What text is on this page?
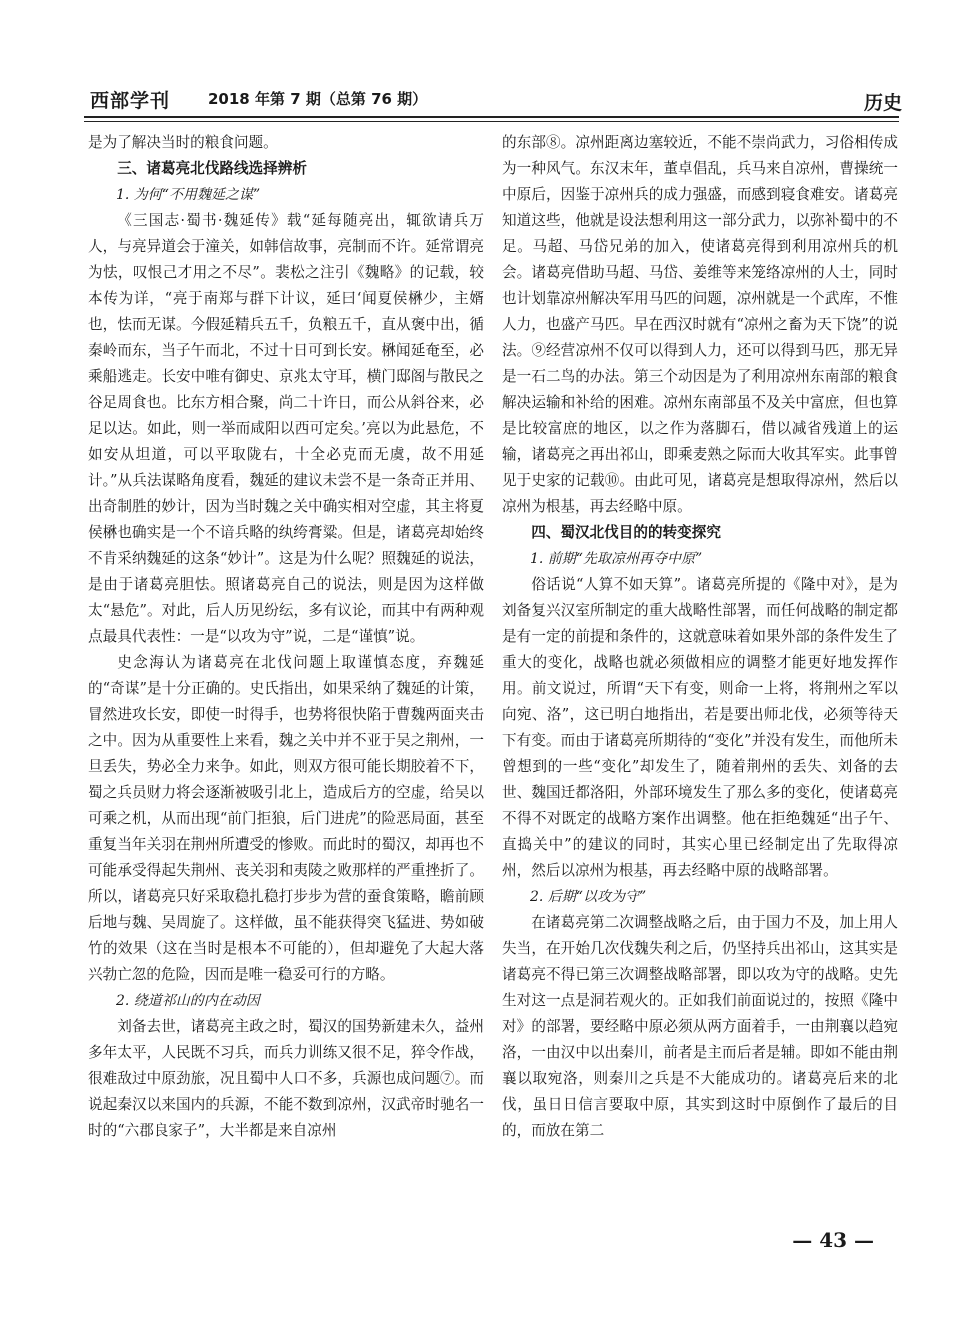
西部学刊	2018 年第 7 期（总第 76 期）	历史

是为了解决当时的粮食问题。

三、诸葛亮北伐路线选择辨析
1. 为何“不用魏延之谋”

《三国志·蜀书·魏延传》载“延每随亮出，辄欲请兵万人，与亮异道会于潼关，如韩信故事，亮制而不许。延常谓亮为怯，叹恨己才用之不尽”。裴松之注引《魏略》的记载，较本传为详，“亮于南郑与群下计议，延曰‘闻夏侯楙少，主婿也，怯而无谋。今假延精兵五千，负粮五千，直从褒中出，循秦岭而东，当子午而北，不过十日可到长安。楙闻延奄至，必乘船逃走。长安中唯有御史、京兆太守耳，横门邸阁与散民之谷足周食也。比东方相合聚，尚二十许日，而公从斜谷来，必足以达。如此，则一举而咸阳以西可定矣。’亮以为此悬危，不如安从坦道，可以平取陇右，十全必克而无虞，故不用延计。”从兵法谋略角度看，魏延的建议未尝不是一条奇正并用、出奇制胜的妙计，因为当时魏之关中确实相对空虚，其主将夏侯楙也确实是一个不谙兵略的纨绔膏粱。但是，诸葛亮却始终不肯采纳魏延的这条“妙计”。这是为什么呢？照魏延的说法，是由于诸葛亮胆怯。照诸葛亮自己的说法，则是因为这样做太“悬危”。对此，后人历见纷纭，多有议论，而其中有两种观点最具代表性：一是“以攻为守”说，二是“谨慎”说。

史念海认为诸葛亮在北伐问题上取谨慎态度，弃魏延的“奇谋”是十分正确的。史氏指出，如果采纳了魏延的计策，冒然进攻长安，即使一时得手，也势将很快陷于曹魏两面夹击之中。因为从重要性上来看，魏之关中并不亚于吴之荆州，一旦丢失，势必全力来争。如此，则双方很可能长期胶着不下，蜀之兵员财力将会逐渐被吸引北上，造成后方的空虚，给吴以可乘之机，从而出现“前门拒狼，后门进虎”的险恶局面，甚至重复当年关羽在荆州所遭受的惨败。而此时的蜀汉，却再也不可能承受得起失荆州、丧关羽和夷陵之败那样的严重挫折了。所以，诸葛亮只好采取稳扎稳打步步为营的蚕食策略，瞻前顾后地与魏、吴周旋了。这样做，虽不能获得突飞猛进、势如破竹的效果（这在当时是根本不可能的），但却避免了大起大落兴勃亡忽的危险，因而是唯一稳妥可行的方略。

2. 绕道祁山的内在动因

刘备去世，诸葛亮主政之时，蜀汉的国势新建未久，益州多年太平，人民既不习兵，而兵力训练又很不足，猝令作战，很难敌过中原劲旅，况且蜀中人口不多，兵源也成问题⑦。而说起秦汉以来国内的兵源，不能不数到凉州，汉武帝时驰名一时的“六郡良家子”，大半都是来自凉州

的东部⑧。凉州距离边塞较近，不能不崇尚武力，习俗相传成为一种风气。东汉末年，董卓倡乱，兵马来自凉州，曹操统一中原后，因鉴于凉州兵的成力强盛，而感到寝食难安。诸葛亮知道这些，他就是设法想利用这一部分武力，以弥补蜀中的不足。马超、马岱兄弟的加入，使诸葛亮得到利用凉州兵的机会。诸葛亮借助马超、马岱、姜维等来笼络凉州的人士，同时也计划靠凉州解决军用马匹的问题，凉州就是一个武库，不惟人力，也盛产马匹。早在西汉时就有“凉州之畜为天下饶”的说法。⑨经营凉州不仅可以得到人力，还可以得到马匹，那无异是一石二鸟的办法。第三个动因是为了利用凉州东南部的粮食解决运输和补给的困难。凉州东南部虽不及关中富庶，但也算是比较富庶的地区，以之作为落脚石，借以减省残道上的运输，诸葛亮之再出祁山，即乘麦熟之际而大收其军实。此事曾见于史家的记载⑩。由此可见，诸葛亮是想取得凉州，然后以凉州为根基，再去经略中原。

四、蜀汉北伐目的的转变探究
1. 前期“先取凉州再夺中原”

俗话说“人算不如天算”。诸葛亮所提的《隆中对》，是为刘备复兴汉室所制定的重大战略性部署，而任何战略的制定都是有一定的前提和条件的，这就意味着如果外部的条件发生了重大的变化，战略也就必须做相应的调整才能更好地发挥作用。前文说过，所谓“天下有变，则命一上将，将荆州之军以向宛、洛”，这已明白地指出，若是要出师北伐，必须等待天下有变。而由于诸葛亮所期待的“变化”并没有发生，而他所未曾想到的一些“变化”却发生了，随着荆州的丢失、刘备的去世、魏国迁都洛阳，外部环境发生了那么多的变化，使诸葛亮不得不对既定的战略方案作出调整。他在拒绝魏延“出子午、直捣关中”的建议的同时，其实心里已经制定出了先取得凉州，然后以凉州为根基，再去经略中原的战略部署。

2. 后期“以攻为守”

在诸葛亮第二次调整战略之后，由于国力不及，加上用人失当，在开始几次伐魏失利之后，仍坚持兵出祁山，这其实是诸葛亮不得已第三次调整战略部署，即以攻为守的战略。史先生对这一点是洞若观火的。正如我们前面说过的，按照《隆中对》的部署，要经略中原必须从两方面着手，一由荆襄以趋宛洛，一由汉中以出秦川，前者是主而后者是辅。即如不能由荆襄以取宛洛，则秦川之兵是不大能成功的。诸葛亮后来的北伐，虽日日信言要取中原，其实到这时中原倒作了最后的目的，而放在第二

— 43 —
